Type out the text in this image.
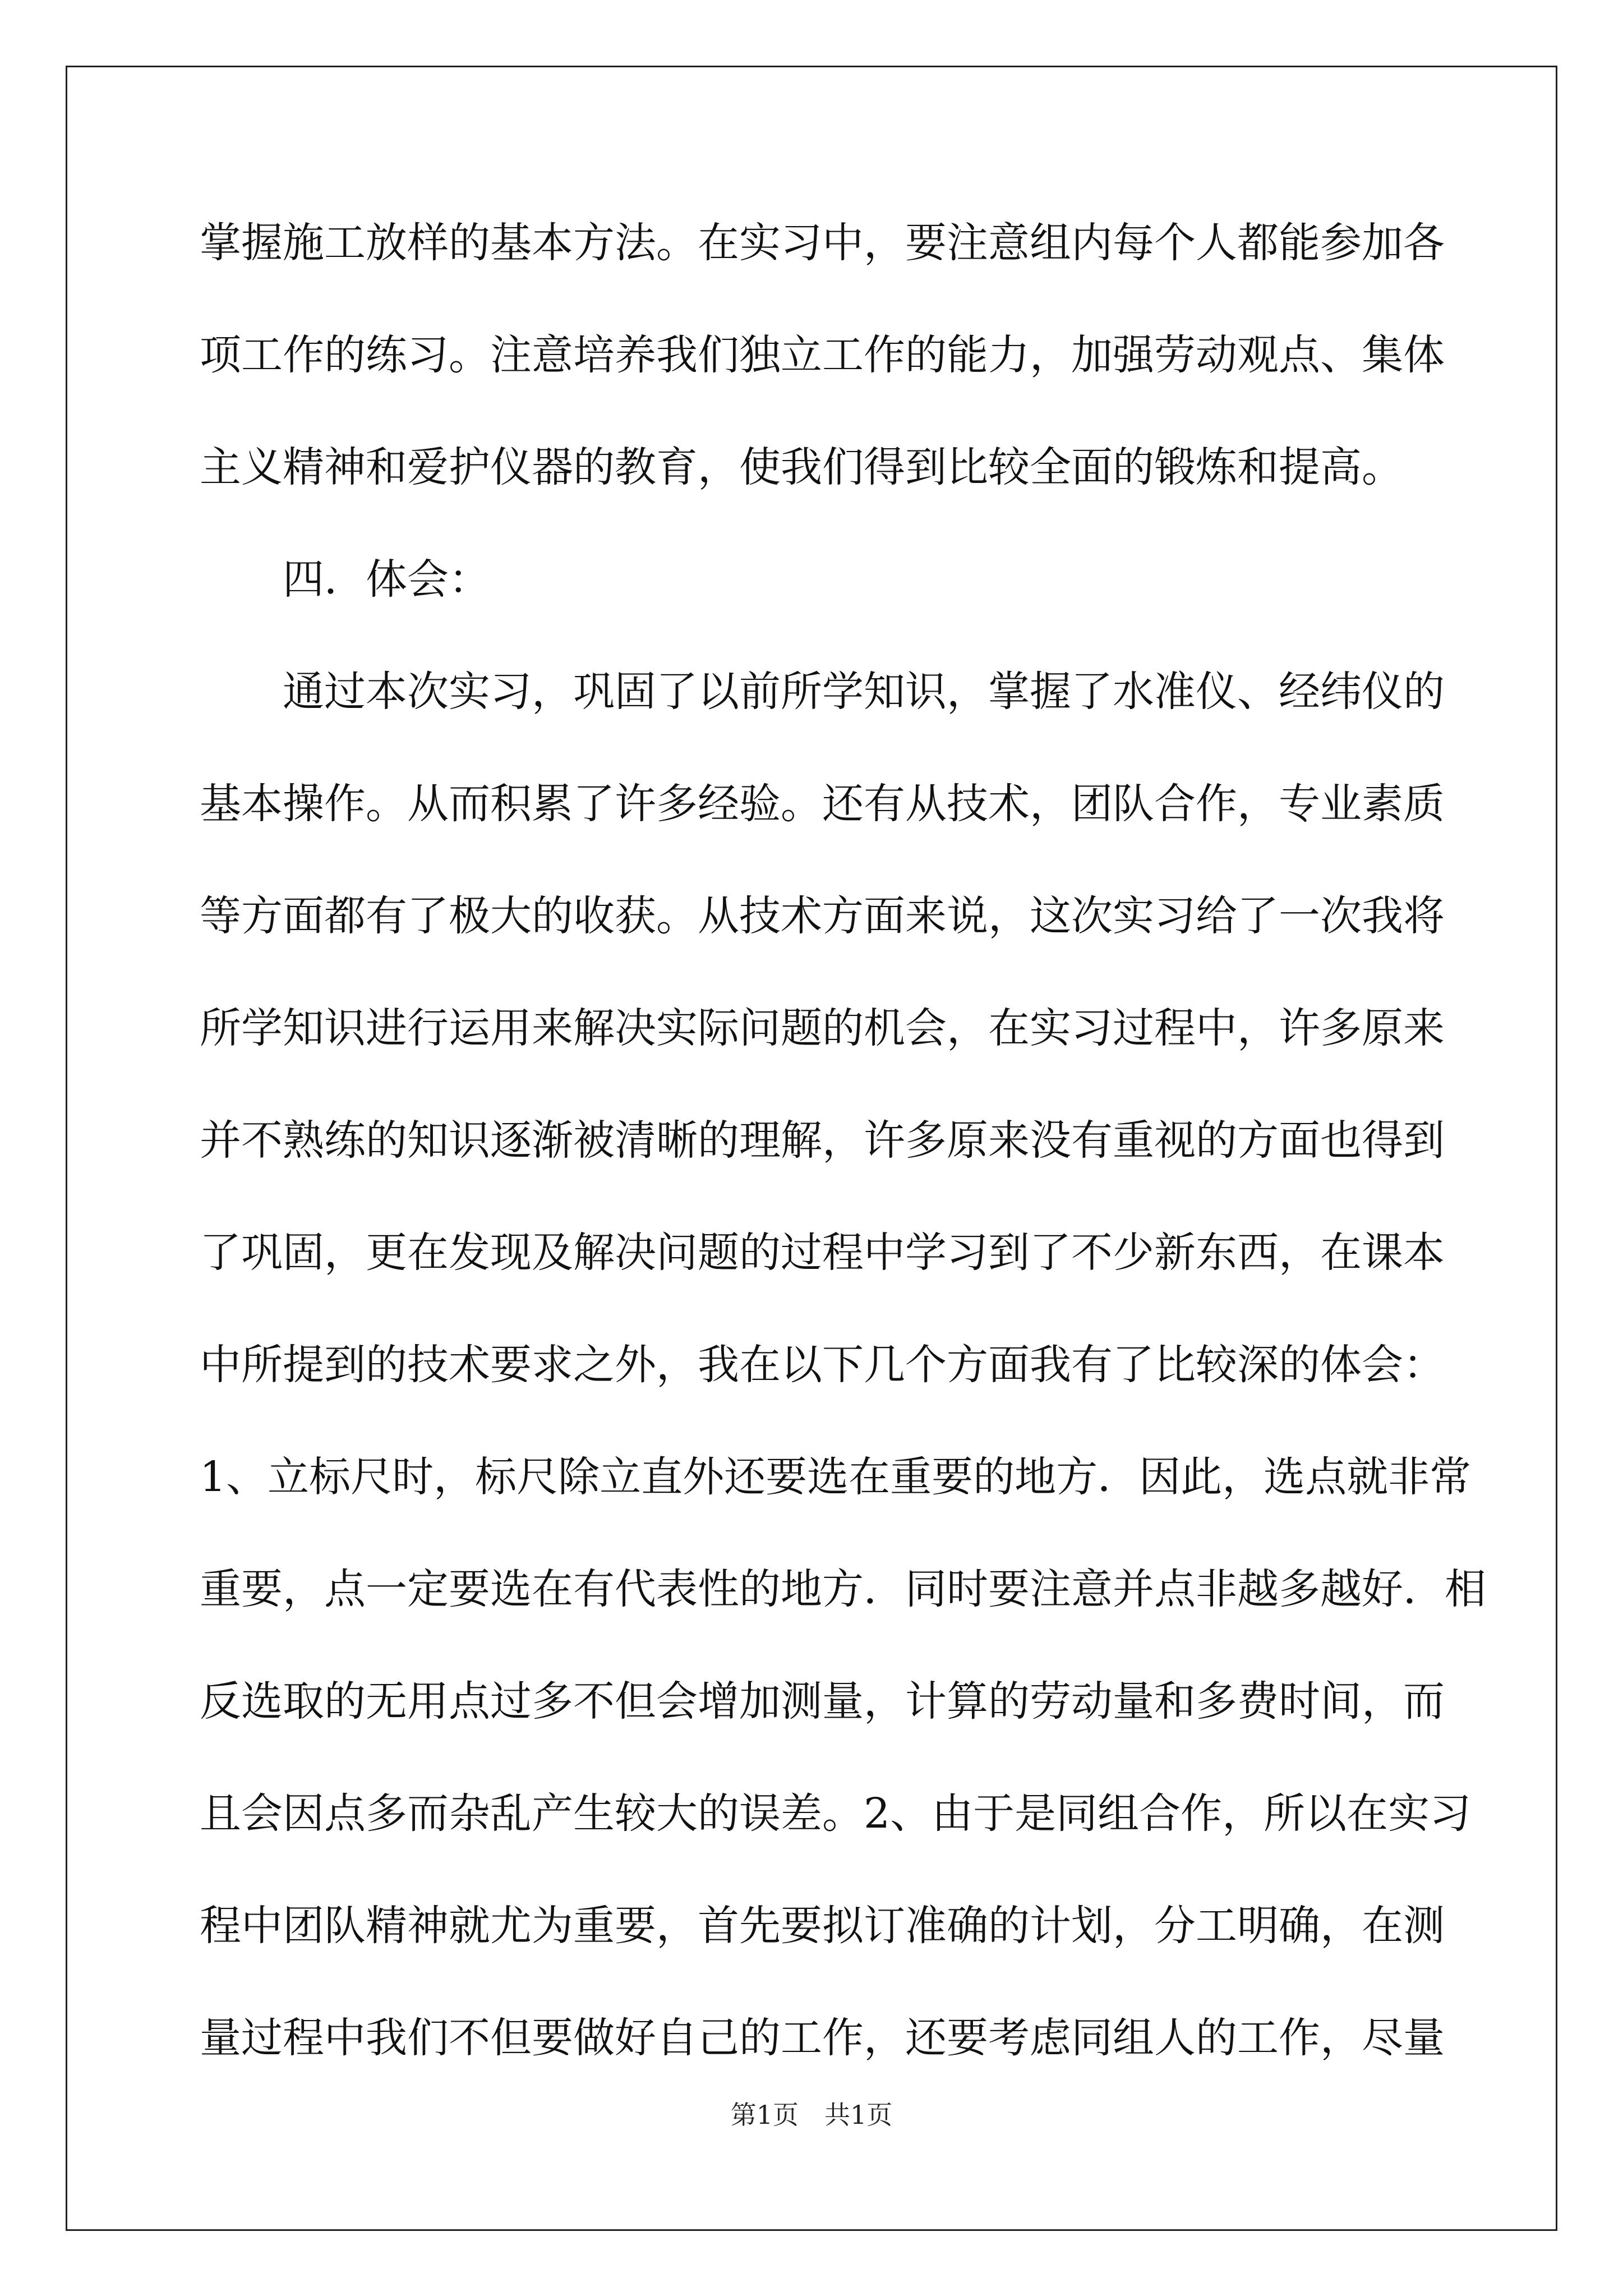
掌握施工放样的基本方法。在实习中，要注意组内每个人都能参加各
项工作的练习。注意培养我们独立工作的能力，加强劳动观点、集体
主义精神和爱护仪器的教育，使我们得到比较全面的锻炼和提高。
四．体会：
通过本次实习，巩固了以前所学知识，掌握了水准仪、经纬仪的
基本操作。从而积累了许多经验。还有从技术，团队合作，专业素质
等方面都有了极大的收获。从技术方面来说，这次实习给了一次我将
所学知识进行运用来解决实际问题的机会，在实习过程中，许多原来
并不熟练的知识逐渐被清晰的理解，许多原来没有重视的方面也得到
了巩固，更在发现及解决问题的过程中学习到了不少新东西，在课本
中所提到的技术要求之外，我在以下几个方面我有了比较深的体会：
1、立标尺时，标尺除立直外还要选在重要的地方．因此，选点就非常
重要，点一定要选在有代表性的地方．同时要注意并点非越多越好．相
反选取的无用点过多不但会增加测量，计算的劳动量和多费时间，而
且会因点多而杂乱产生较大的误差。2、由于是同组合作，所以在实习
程中团队精神就尤为重要，首先要拟订准确的计划，分工明确，在测
量过程中我们不但要做好自己的工作，还要考虑同组人的工作，尽量
第1页　共1页
